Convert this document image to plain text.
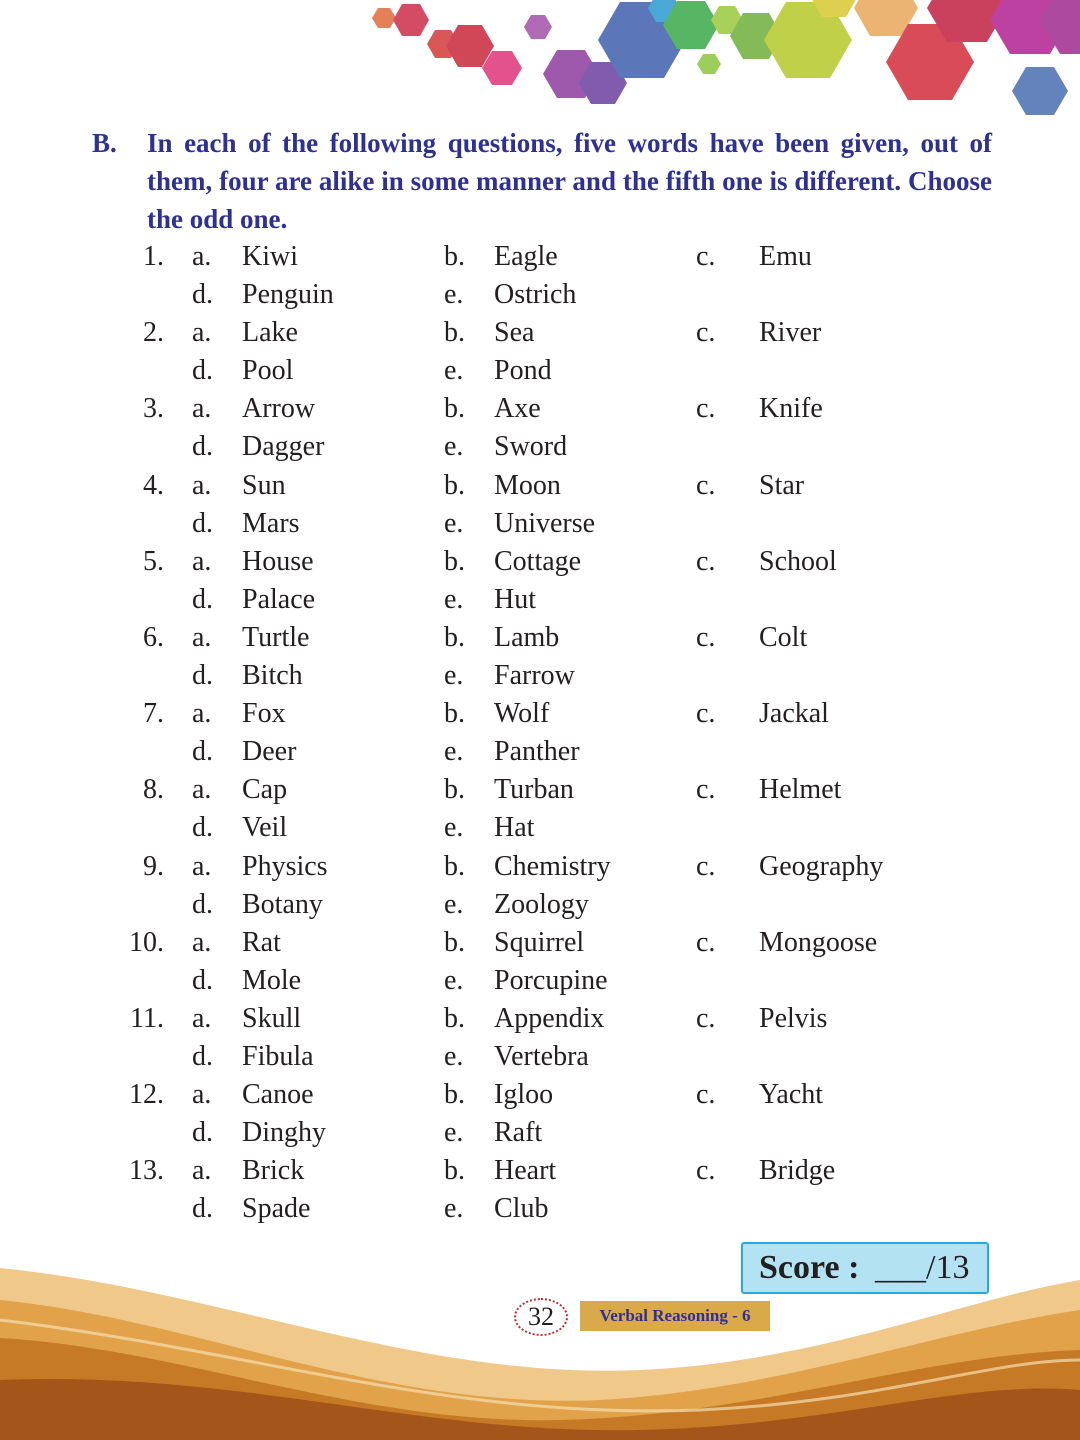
B. In each of the following questions, five words have been given, out of them, four are alike in some manner and the fifth one is different. Choose the odd one.
1. a. Kiwi	b. Eagle	c. Emu
d. Penguin	e. Ostrich
2. a. Lake	b. Sea	c. River
d. Pool	e. Pond
3. a. Arrow	b. Axe	c. Knife
d. Dagger	e. Sword
4. a. Sun	b. Moon	c. Star
d. Mars	e. Universe
5. a. House	b. Cottage	c. School
d. Palace	e. Hut
6. a. Turtle	b. Lamb	c. Colt
d. Bitch	e. Farrow
7. a. Fox	b. Wolf	c. Jackal
d. Deer	e. Panther
8. a. Cap	b. Turban	c. Helmet
d. Veil	e. Hat
9. a. Physics	b. Chemistry	c. Geography
d. Botany	e. Zoology
10. a. Rat	b. Squirrel	c. Mongoose
d. Mole	e. Porcupine
11. a. Skull	b. Appendix	c. Pelvis
d. Fibula	e. Vertebra
12. a. Canoe	b. Igloo	c. Yacht
d. Dinghy	e. Raft
13. a. Brick	b. Heart	c. Bridge
d. Spade	e. Club
Score : ___/13
32	Verbal Reasoning - 6
